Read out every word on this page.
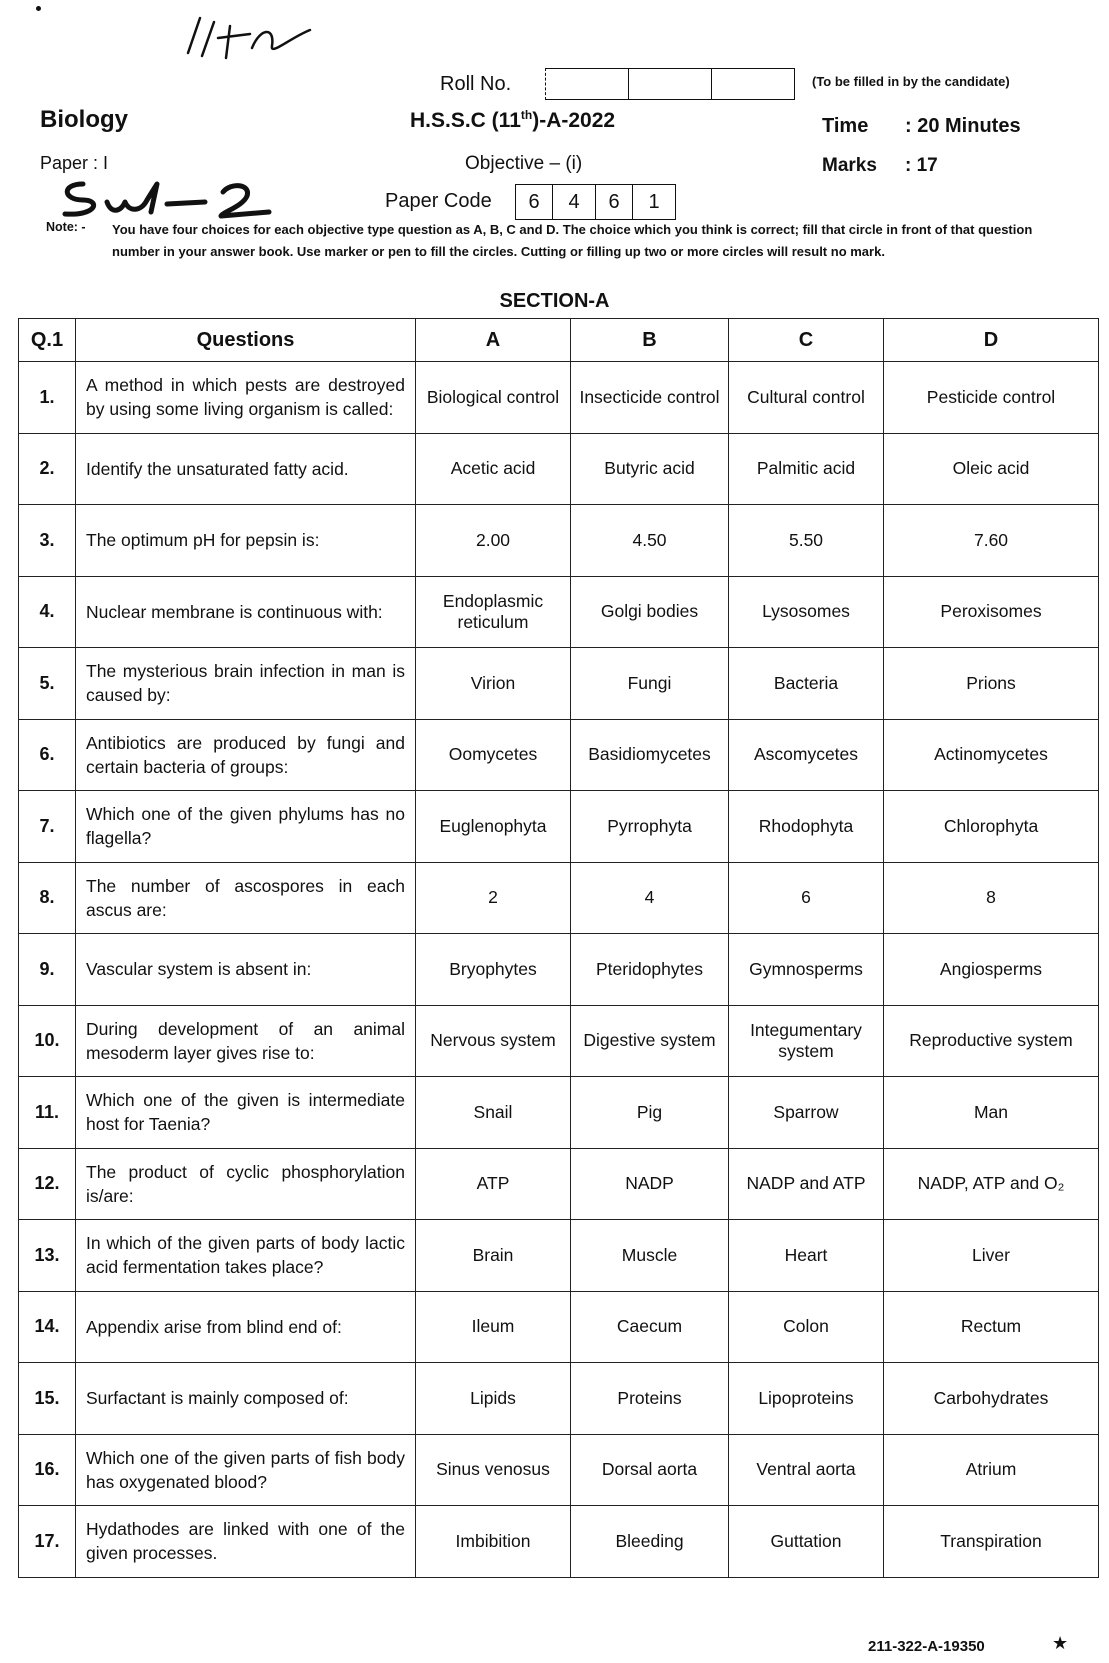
Roll No.	(To be filled in by the candidate)
Biology	H.S.S.C (11th)-A-2022	Time : 20 Minutes
Paper : I	Objective – (i)	Marks : 17
Paper Code	6	4	6	1
Note: - You have four choices for each objective type question as A, B, C and D. The choice which you think is correct; fill that circle in front of that question number in your answer book. Use marker or pen to fill the circles. Cutting or filling up two or more circles will result no mark.
SECTION-A
Q.1	Questions	A	B	C	D
1.	A method in which pests are destroyed by using some living organism is called:	Biological control	Insecticide control	Cultural control	Pesticide control
2.	Identify the unsaturated fatty acid.	Acetic acid	Butyric acid	Palmitic acid	Oleic acid
3.	The optimum pH for pepsin is:	2.00	4.50	5.50	7.60
4.	Nuclear membrane is continuous with:	Endoplasmic reticulum	Golgi bodies	Lysosomes	Peroxisomes
5.	The mysterious brain infection in man is caused by:	Virion	Fungi	Bacteria	Prions
6.	Antibiotics are produced by fungi and certain bacteria of groups:	Oomycetes	Basidiomycetes	Ascomycetes	Actinomycetes
7.	Which one of the given phylums has no flagella?	Euglenophyta	Pyrrophyta	Rhodophyta	Chlorophyta
8.	The number of ascospores in each ascus are:	2	4	6	8
9.	Vascular system is absent in:	Bryophytes	Pteridophytes	Gymnosperms	Angiosperms
10.	During development of an animal mesoderm layer gives rise to:	Nervous system	Digestive system	Integumentary system	Reproductive system
11.	Which one of the given is intermediate host for Taenia?	Snail	Pig	Sparrow	Man
12.	The product of cyclic phosphorylation is/are:	ATP	NADP	NADP and ATP	NADP, ATP and O₂
13.	In which of the given parts of body lactic acid fermentation takes place?	Brain	Muscle	Heart	Liver
14.	Appendix arise from blind end of:	Ileum	Caecum	Colon	Rectum
15.	Surfactant is mainly composed of:	Lipids	Proteins	Lipoproteins	Carbohydrates
16.	Which one of the given parts of fish body has oxygenated blood?	Sinus venosus	Dorsal aorta	Ventral aorta	Atrium
17.	Hydathodes are linked with one of the given processes.	Imbibition	Bleeding	Guttation	Transpiration
211-322-A-19350	★
